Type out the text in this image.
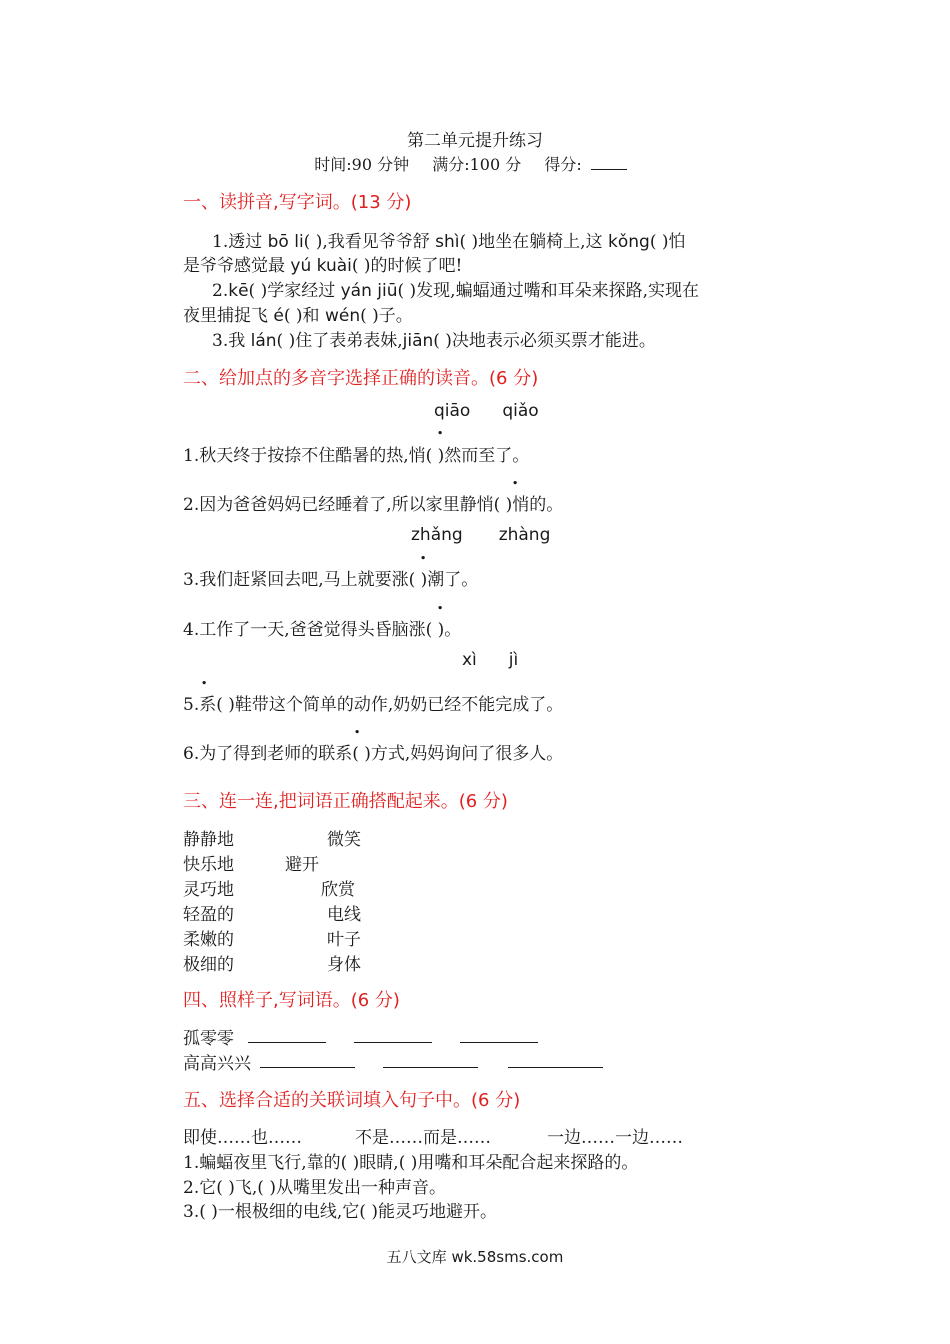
第二单元提升练习
时间:90 分钟 满分:100 分 得分:
一、读拼音,写字词。(13 分)
1.透过 bō li( ),我看见爷爷舒 shì( )地坐在躺椅上,这 kǒng( )怕
是爷爷感觉最 yú kuài( )的时候了吧!
2.kē( )学家经过 yán jiū( )发现,蝙蝠通过嘴和耳朵来探路,实现在
夜里捕捉飞 é( )和 wén( )子。
3.我 lán( )住了表弟表妹,jiān( )决地表示必须买票才能进。
二、给加点的多音字选择正确的读音。(6 分)
qiāo qiǎo
.
1.秋天终于按捺不住酷暑的热,悄( )然而至了。
.
2.因为爸爸妈妈已经睡着了,所以家里静悄( )悄的。
zhǎng zhàng
.
3.我们赶紧回去吧,马上就要涨( )潮了。
.
4.工作了一天,爸爸觉得头昏脑涨( )。
xì jì
.
5.系( )鞋带这个简单的动作,奶奶已经不能完成了。
.
6.为了得到老师的联系( )方式,妈妈询问了很多人。
三、连一连,把词语正确搭配起来。(6 分)
静静地	微笑
快乐地	避开
灵巧地	欣赏
轻盈的	电线
柔嫩的	叶子
极细的	身体
四、照样子,写词语。(6 分)
孤零零
高高兴兴
五、选择合适的关联词填入句子中。(6 分)
即使……也……	不是……而是……	一边……一边……
1.蝙蝠夜里飞行,靠的( )眼睛,( )用嘴和耳朵配合起来探路的。
2.它( )飞,( )从嘴里发出一种声音。
3.( )一根极细的电线,它( )能灵巧地避开。
五八文库 wk.58sms.com
